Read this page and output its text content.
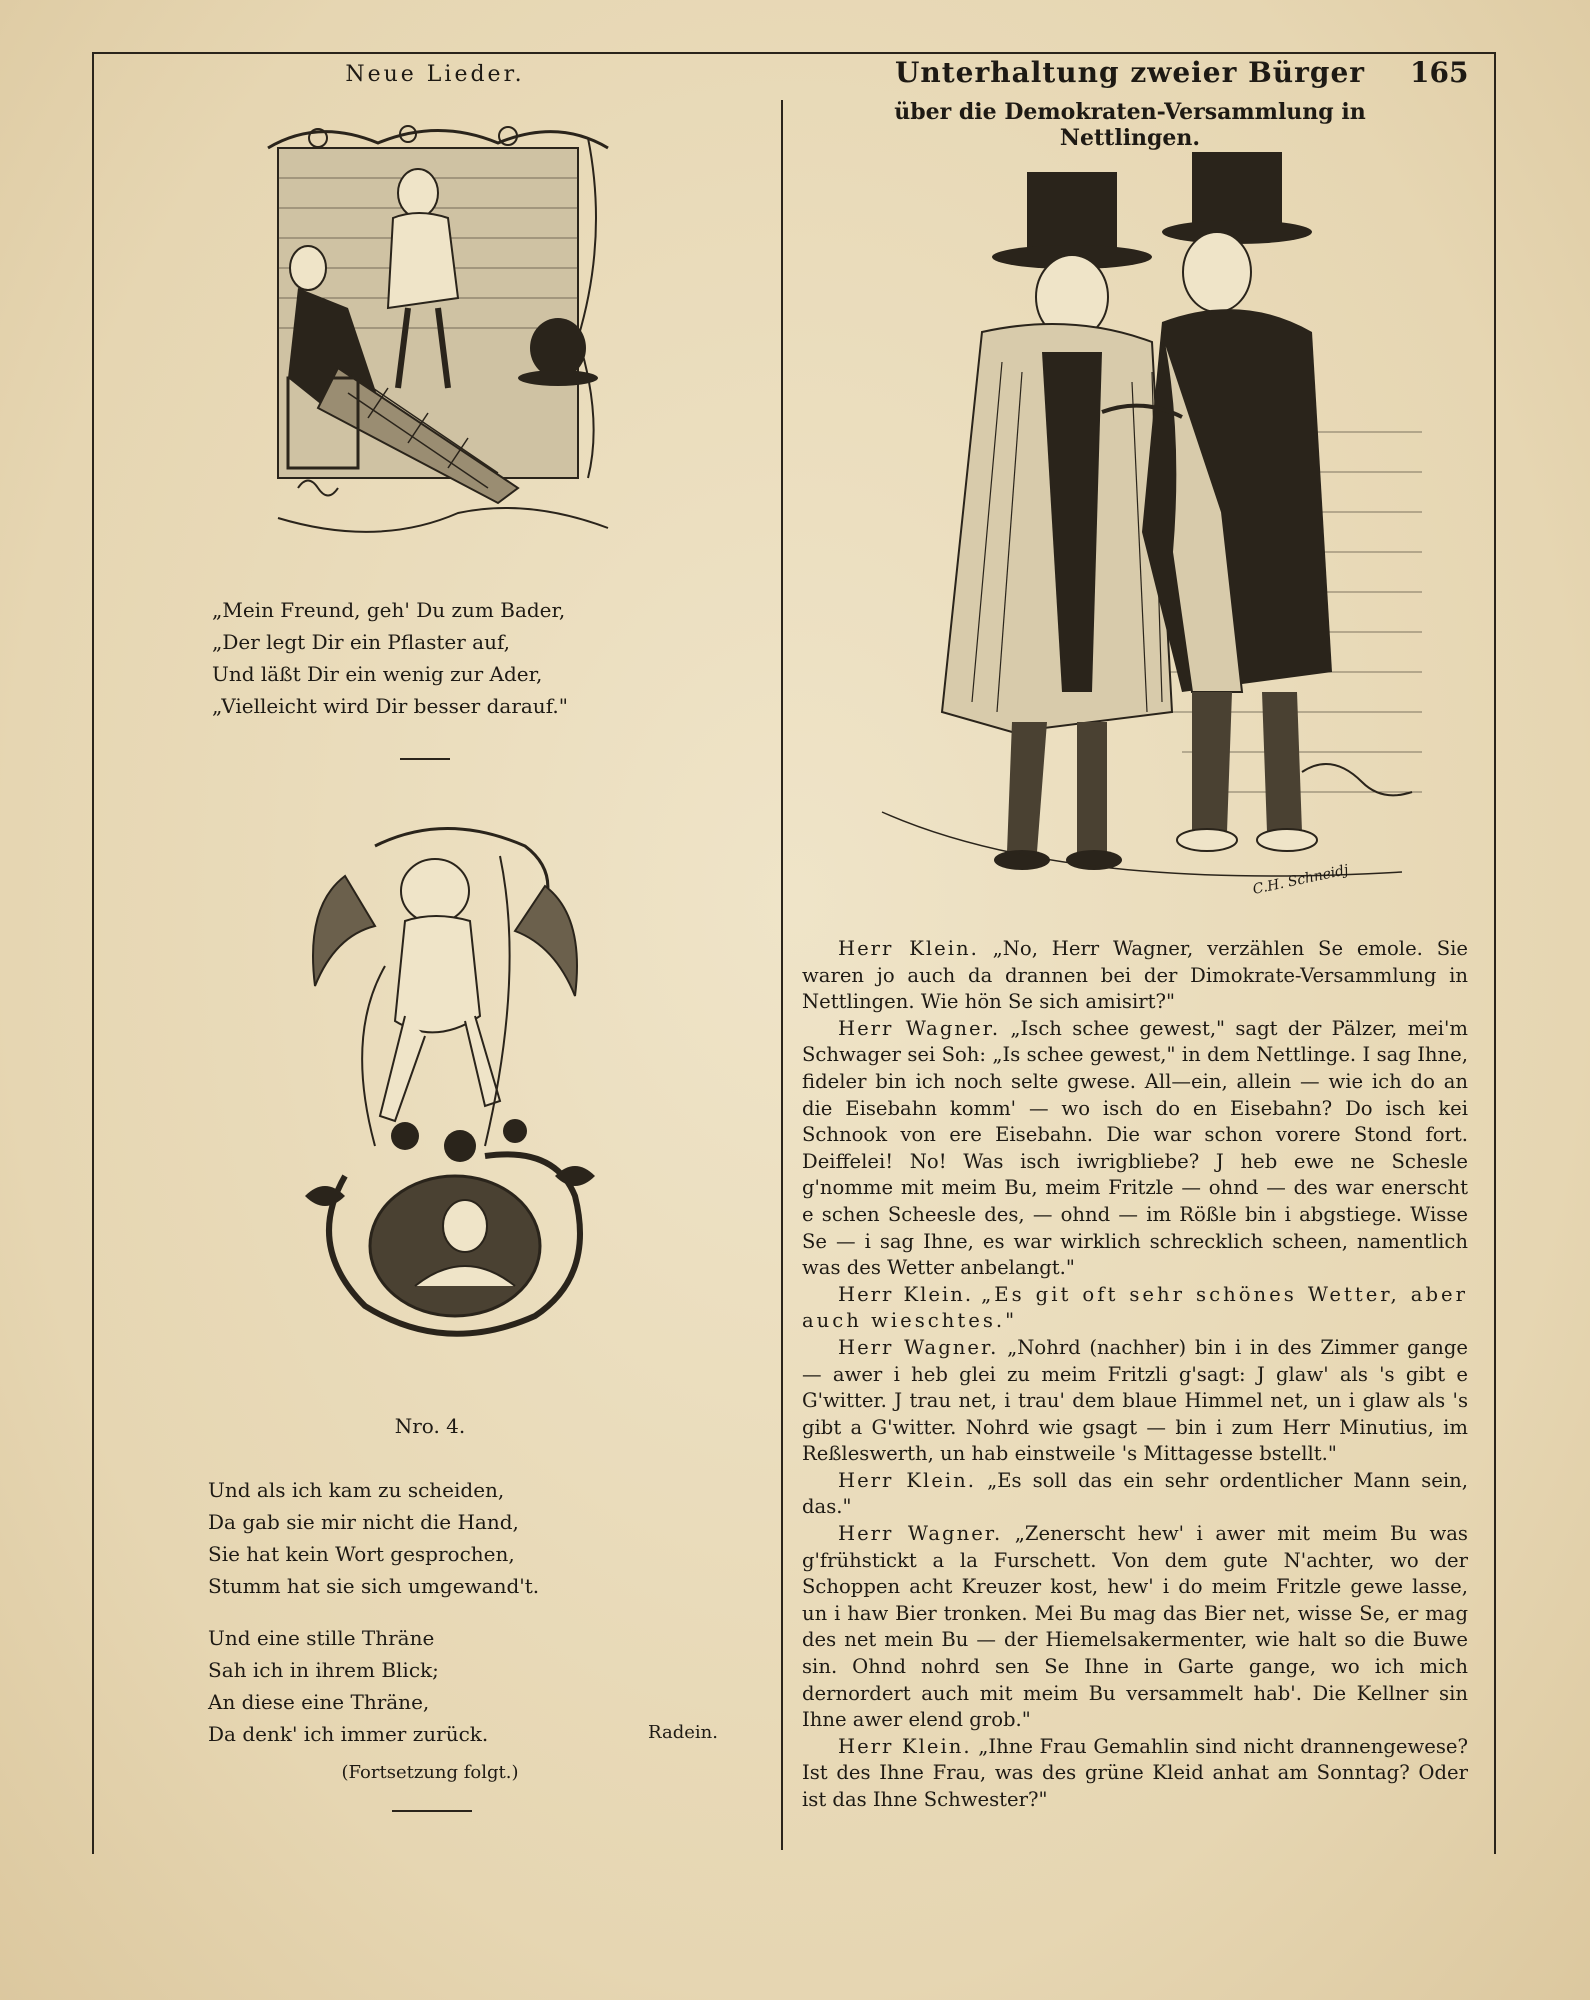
Neue Lieder.	Unterhaltung zweier Bürger
über die Demokraten-Versammlung in Nettlingen.
165
„Mein Freund, geh' Du zum Bader,
„Der legt Dir ein Pflaster auf,
Und läßt Dir ein wenig zur Ader,
„Vielleicht wird Dir besser darauf."
Nro. 4.
Und als ich kam zu scheiden,
Da gab sie mir nicht die Hand,
Sie hat kein Wort gesprochen,
Stumm hat sie sich umgewand't.
Und eine stille Thräne
Sah ich in ihrem Blick;
An diese eine Thräne,
Da denk' ich immer zurück.	Radein.
(Fortsetzung folgt.)
C.H. Schneidj

Herr Klein. „No, Herr Wagner, verzählen Se emole. Sie waren jo auch da drannen bei der Dimokrate-Versammlung in Nettlingen. Wie hön Se sich amisirt?"

Herr Wagner. „Isch schee gewest," sagt der Pälzer, mei'm Schwager sei Soh: „Is schee gewest," in dem Nettlinge. I sag Ihne, fideler bin ich noch selte gwese. All—ein, allein — wie ich do an die Eisebahn komm' — wo isch do en Eisebahn? Do isch kei Schnook von ere Eisebahn. Die war schon vorere Stond fort. Deiffelei! No! Was isch iwrigbliebe? J heb ewe ne Schesle g'nomme mit meim Bu, meim Fritzle — ohnd — des war enerscht e schen Scheesle des, — ohnd — im Rößle bin i abgstiege. Wisse Se — i sag Ihne, es war wirklich schrecklich scheen, namentlich was des Wetter anbelangt."

Herr Klein. „Es git oft sehr schönes Wetter, aber auch wieschtes."

Herr Wagner. „Nohrd (nachher) bin i in des Zimmer gange — awer i heb glei zu meim Fritzli g'sagt: J glaw' als 's gibt e G'witter. J trau net, i trau' dem blaue Himmel net, un i glaw als 's gibt a G'witter. Nohrd wie gsagt — bin i zum Herr Minutius, im Reßleswerth, un hab einstweile 's Mittagesse bstellt."

Herr Klein. „Es soll das ein sehr ordentlicher Mann sein, das."

Herr Wagner. „Zenerscht hew' i awer mit meim Bu was g'frühstickt a la Furschett. Von dem gute N'achter, wo der Schoppen acht Kreuzer kost, hew' i do meim Fritzle gewe lasse, un i haw Bier tronken. Mei Bu mag das Bier net, wisse Se, er mag des net mein Bu — der Hiemelsakermenter, wie halt so die Buwe sin. Ohnd nohrd sen Se Ihne in Garte gange, wo ich mich dernordert auch mit meim Bu versammelt hab'. Die Kellner sin Ihne awer elend grob."

Herr Klein. „Ihne Frau Gemahlin sind nicht drannengewese? Ist des Ihne Frau, was des grüne Kleid anhat am Sonntag? Oder ist das Ihne Schwester?"
